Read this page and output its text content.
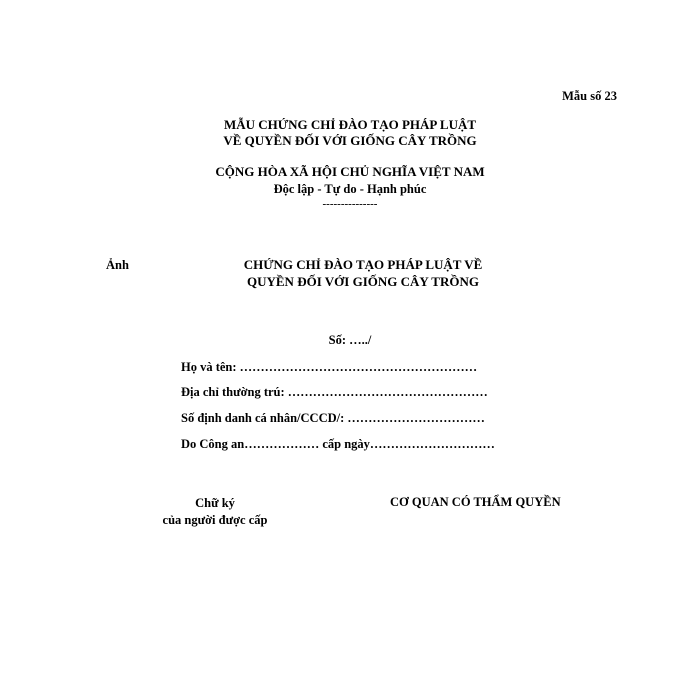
Mẫu số 23
MẪU CHỨNG CHỈ ĐÀO TẠO PHÁP LUẬT
VỀ QUYỀN ĐỐI VỚI GIỐNG CÂY TRỒNG
CỘNG HÒA XÃ HỘI CHỦ NGHĨA VIỆT NAM
Độc lập - Tự do - Hạnh phúc
---------------
Ảnh	CHỨNG CHỈ ĐÀO TẠO PHÁP LUẬT VỀ
QUYỀN ĐỐI VỚI GIỐNG CÂY TRỒNG
Số: …../
Họ và tên: …………………………………………………
Địa chỉ thường trú: …………………………………………
Số định danh cá nhân/CCCD/: ……………………………
Do Công an……………… cấp ngày…………………………
Chữ ký
của người được cấp
CƠ QUAN CÓ THẨM QUYỀN
